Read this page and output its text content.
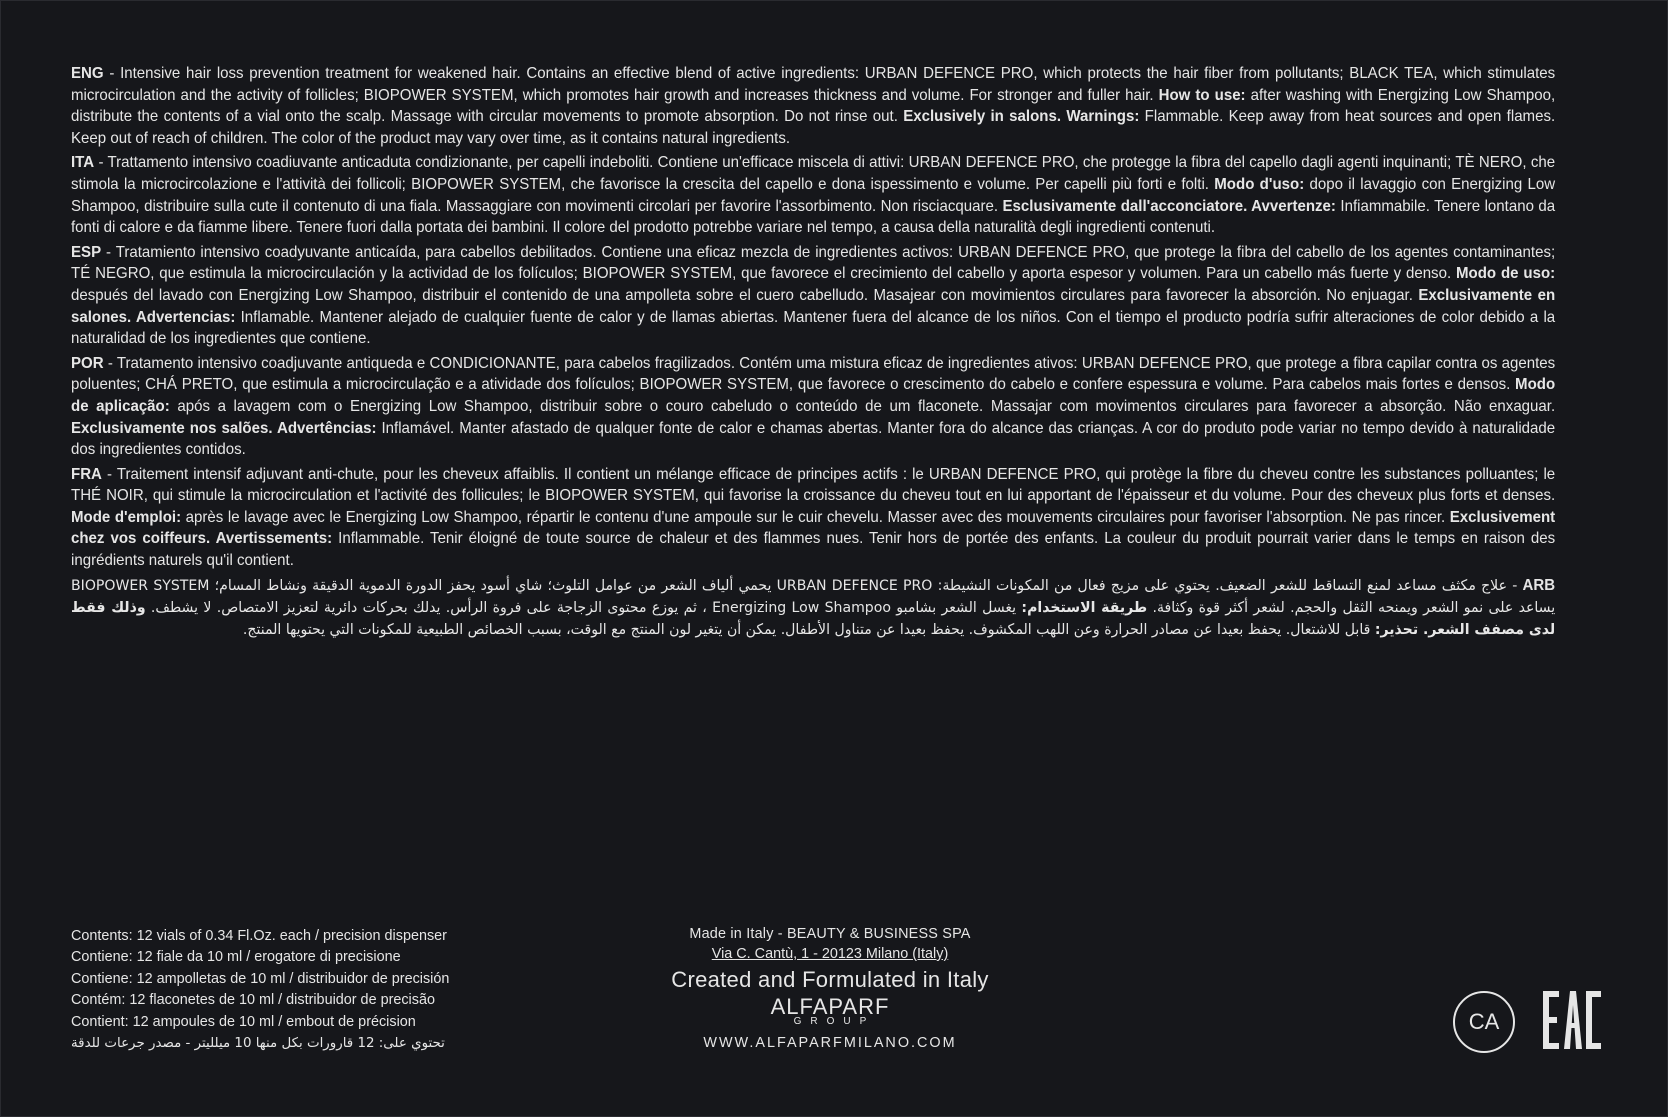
ENG - Intensive hair loss prevention treatment for weakened hair. Contains an effective blend of active ingredients: URBAN DEFENCE PRO, which protects the hair fiber from pollutants; BLACK TEA, which stimulates microcirculation and the activity of follicles; BIOPOWER SYSTEM, which promotes hair growth and increases thickness and volume. For stronger and fuller hair. How to use: after washing with Energizing Low Shampoo, distribute the contents of a vial onto the scalp. Massage with circular movements to promote absorption. Do not rinse out. Exclusively in salons. Warnings: Flammable. Keep away from heat sources and open flames. Keep out of reach of children. The color of the product may vary over time, as it contains natural ingredients.
ITA - Trattamento intensivo coadiuvante anticaduta condizionante, per capelli indeboliti. Contiene un'efficace miscela di attivi: URBAN DEFENCE PRO, che protegge la fibra del capello dagli agenti inquinanti; TÈ NERO, che stimola la microcircolazione e l'attività dei follicoli; BIOPOWER SYSTEM, che favorisce la crescita del capello e dona ispessimento e volume. Per capelli più forti e folti. Modo d'uso: dopo il lavaggio con Energizing Low Shampoo, distribuire sulla cute il contenuto di una fiala. Massaggiare con movimenti circolari per favorire l'assorbimento. Non risciacquare. Esclusivamente dall'acconciatore. Avvertenze: Infiammabile. Tenere lontano da fonti di calore e da fiamme libere. Tenere fuori dalla portata dei bambini. Il colore del prodotto potrebbe variare nel tempo, a causa della naturalità degli ingredienti contenuti.
ESP - Tratamiento intensivo coadyuvante anticaída, para cabellos debilitados. Contiene una eficaz mezcla de ingredientes activos: URBAN DEFENCE PRO, que protege la fibra del cabello de los agentes contaminantes; TÉ NEGRO, que estimula la microcirculación y la actividad de los folículos; BIOPOWER SYSTEM, que favorece el crecimiento del cabello y aporta espesor y volumen. Para un cabello más fuerte y denso. Modo de uso: después del lavado con Energizing Low Shampoo, distribuir el contenido de una ampolleta sobre el cuero cabelludo. Masajear con movimientos circulares para favorecer la absorción. No enjuagar. Exclusivamente en salones. Advertencias: Inflamable. Mantener alejado de cualquier fuente de calor y de llamas abiertas. Mantener fuera del alcance de los niños. Con el tiempo el producto podría sufrir alteraciones de color debido a la naturalidad de los ingredientes que contiene.
POR - Tratamento intensivo coadjuvante antiqueda e CONDICIONANTE, para cabelos fragilizados. Contém uma mistura eficaz de ingredientes ativos: URBAN DEFENCE PRO, que protege a fibra capilar contra os agentes poluentes; CHÁ PRETO, que estimula a microcirculação e a atividade dos folículos; BIOPOWER SYSTEM, que favorece o crescimento do cabelo e confere espessura e volume. Para cabelos mais fortes e densos. Modo de aplicação: após a lavagem com o Energizing Low Shampoo, distribuir sobre o couro cabeludo o conteúdo de um flaconete. Massajar com movimentos circulares para favorecer a absorção. Não enxaguar. Exclusivamente nos salões. Advertências: Inflamável. Manter afastado de qualquer fonte de calor e chamas abertas. Manter fora do alcance das crianças. A cor do produto pode variar no tempo devido à naturalidade dos ingredientes contidos.
FRA - Traitement intensif adjuvant anti-chute, pour les cheveux affaiblis. Il contient un mélange efficace de principes actifs : le URBAN DEFENCE PRO, qui protège la fibre du cheveu contre les substances polluantes; le THÉ NOIR, qui stimule la microcirculation et l'activité des follicules; le BIOPOWER SYSTEM, qui favorise la croissance du cheveu tout en lui apportant de l'épaisseur et du volume. Pour des cheveux plus forts et denses. Mode d'emploi: après le lavage avec le Energizing Low Shampoo, répartir le contenu d'une ampoule sur le cuir chevelu. Masser avec des mouvements circulaires pour favoriser l'absorption. Ne pas rincer. Exclusivement chez vos coiffeurs. Avertissements: Inflammable. Tenir éloigné de toute source de chaleur et des flammes nues. Tenir hors de portée des enfants. La couleur du produit pourrait varier dans le temps en raison des ingrédients naturels qu'il contient.
ARB - علاج مكثف مساعد لمنع التساقط للشعر الضعيف. يحتوي على مزيج فعال من المكونات النشيطة: URBAN DEFENCE PRO يحمي ألياف الشعر من عوامل التلوث؛ شاي أسود يحفز الدورة الدموية الدقيقة ونشاط المسام؛ BIOPOWER SYSTEM يساعد على نمو الشعر ويمنحه الثقل والحجم. لشعر أكثر قوة وكثافة. طريقة الاستخدام: يغسل الشعر بشامبو Energizing Low Shampoo ، ثم يوزع محتوى الزجاجة على فروة الرأس. يدلك بحركات دائرية لتعزيز الامتصاص. لا يشطف. وذلك فقط لدى مصفف الشعر. تحذير: قابل للاشتعال. يحفظ بعيدا عن مصادر الحرارة وعن اللهب المكشوف. يحفظ بعيدا عن متناول الأطفال. يمكن أن يتغير لون المنتج مع الوقت، بسبب الخصائص الطبيعية للمكونات التي يحتويها المنتج.
Contents: 12 vials of 0.34 Fl.Oz. each / precision dispenser
Contiene: 12 fiale da 10 ml / erogatore di precisione
Contiene: 12 ampolletas de 10 ml / distribuidor de precisión
Contém: 12 flaconetes de 10 ml / distribuidor de precisão
Contient: 12 ampoules de 10 ml / embout de précision
تحتوي على: 12 قارورات بكل منها 10 ميلليتر - مصدر جرعات للدقة
Made in Italy - BEAUTY & BUSINESS SPA
Via C. Cantù, 1 - 20123 Milano (Italy)
Created and Formulated in Italy
ALFAPARF
GROUP
WWW.ALFAPARFMILANO.COM
CA
